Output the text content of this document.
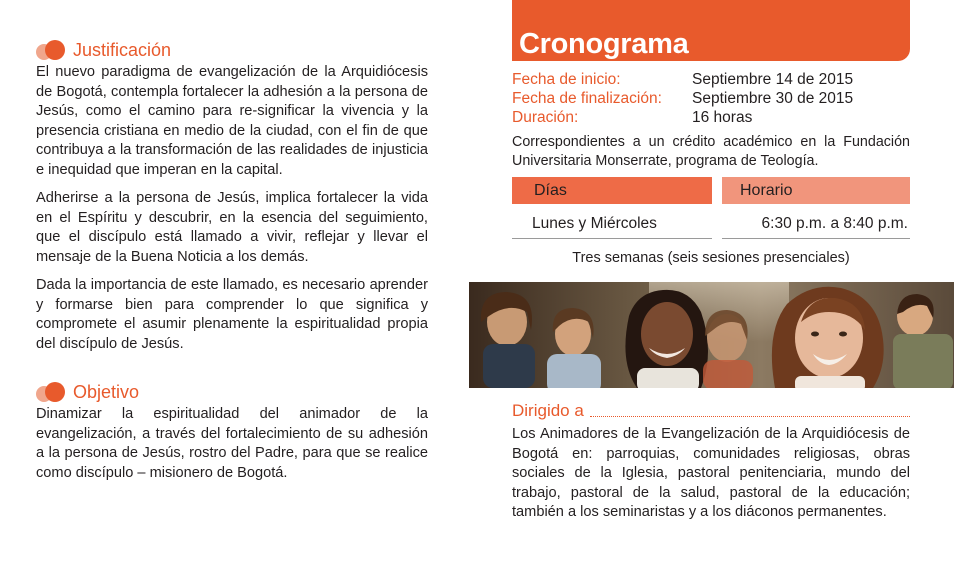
Justificación

El nuevo paradigma de evangelización de la Arquidiócesis de Bogotá, contempla fortalecer la adhesión a la persona de Jesús, como el camino para re-significar la vivencia y la presencia cristiana en medio de la ciudad, con el fin de que contribuya a la transformación de las realidades de injusticia e inequidad que imperan en la capital.

Adherirse a la persona de Jesús, implica fortalecer la vida en el Espíritu y descubrir, en la esencia del seguimiento, que el discípulo está llamado a vivir, reflejar y llevar el mensaje de la Buena Noticia a los demás.

Dada la importancia de este llamado, es necesario aprender y formarse bien para comprender lo que significa y compromete el asumir plenamente la espiritualidad propia del discípulo de Jesús.

Objetivo

Dinamizar la espiritualidad del animador de la evangelización, a través del fortalecimiento de su adhesión a la persona de Jesús, rostro del Padre, para que se realice como discípulo – misionero de Bogotá.

Cronograma
Fecha de inicio:	Septiembre 14 de 2015
Fecha de finalización:	Septiembre 30 de 2015
Duración:	16 horas
Correspondientes a un crédito académico en la Fundación Universitaria Monserrate, programa de Teología.
Días	Horario
Lunes y Miércoles	6:30 p.m. a 8:40 p.m.
Tres semanas (seis sesiones presenciales)
Dirigido a
Los Animadores de la Evangelización de la Arquidiócesis de Bogotá en: parroquias, comunidades religiosas, obras sociales de la Iglesia, pastoral penitenciaria, mundo del trabajo, pastoral de la salud, pastoral de la educación; también a los seminaristas y a los diáconos permanentes.
